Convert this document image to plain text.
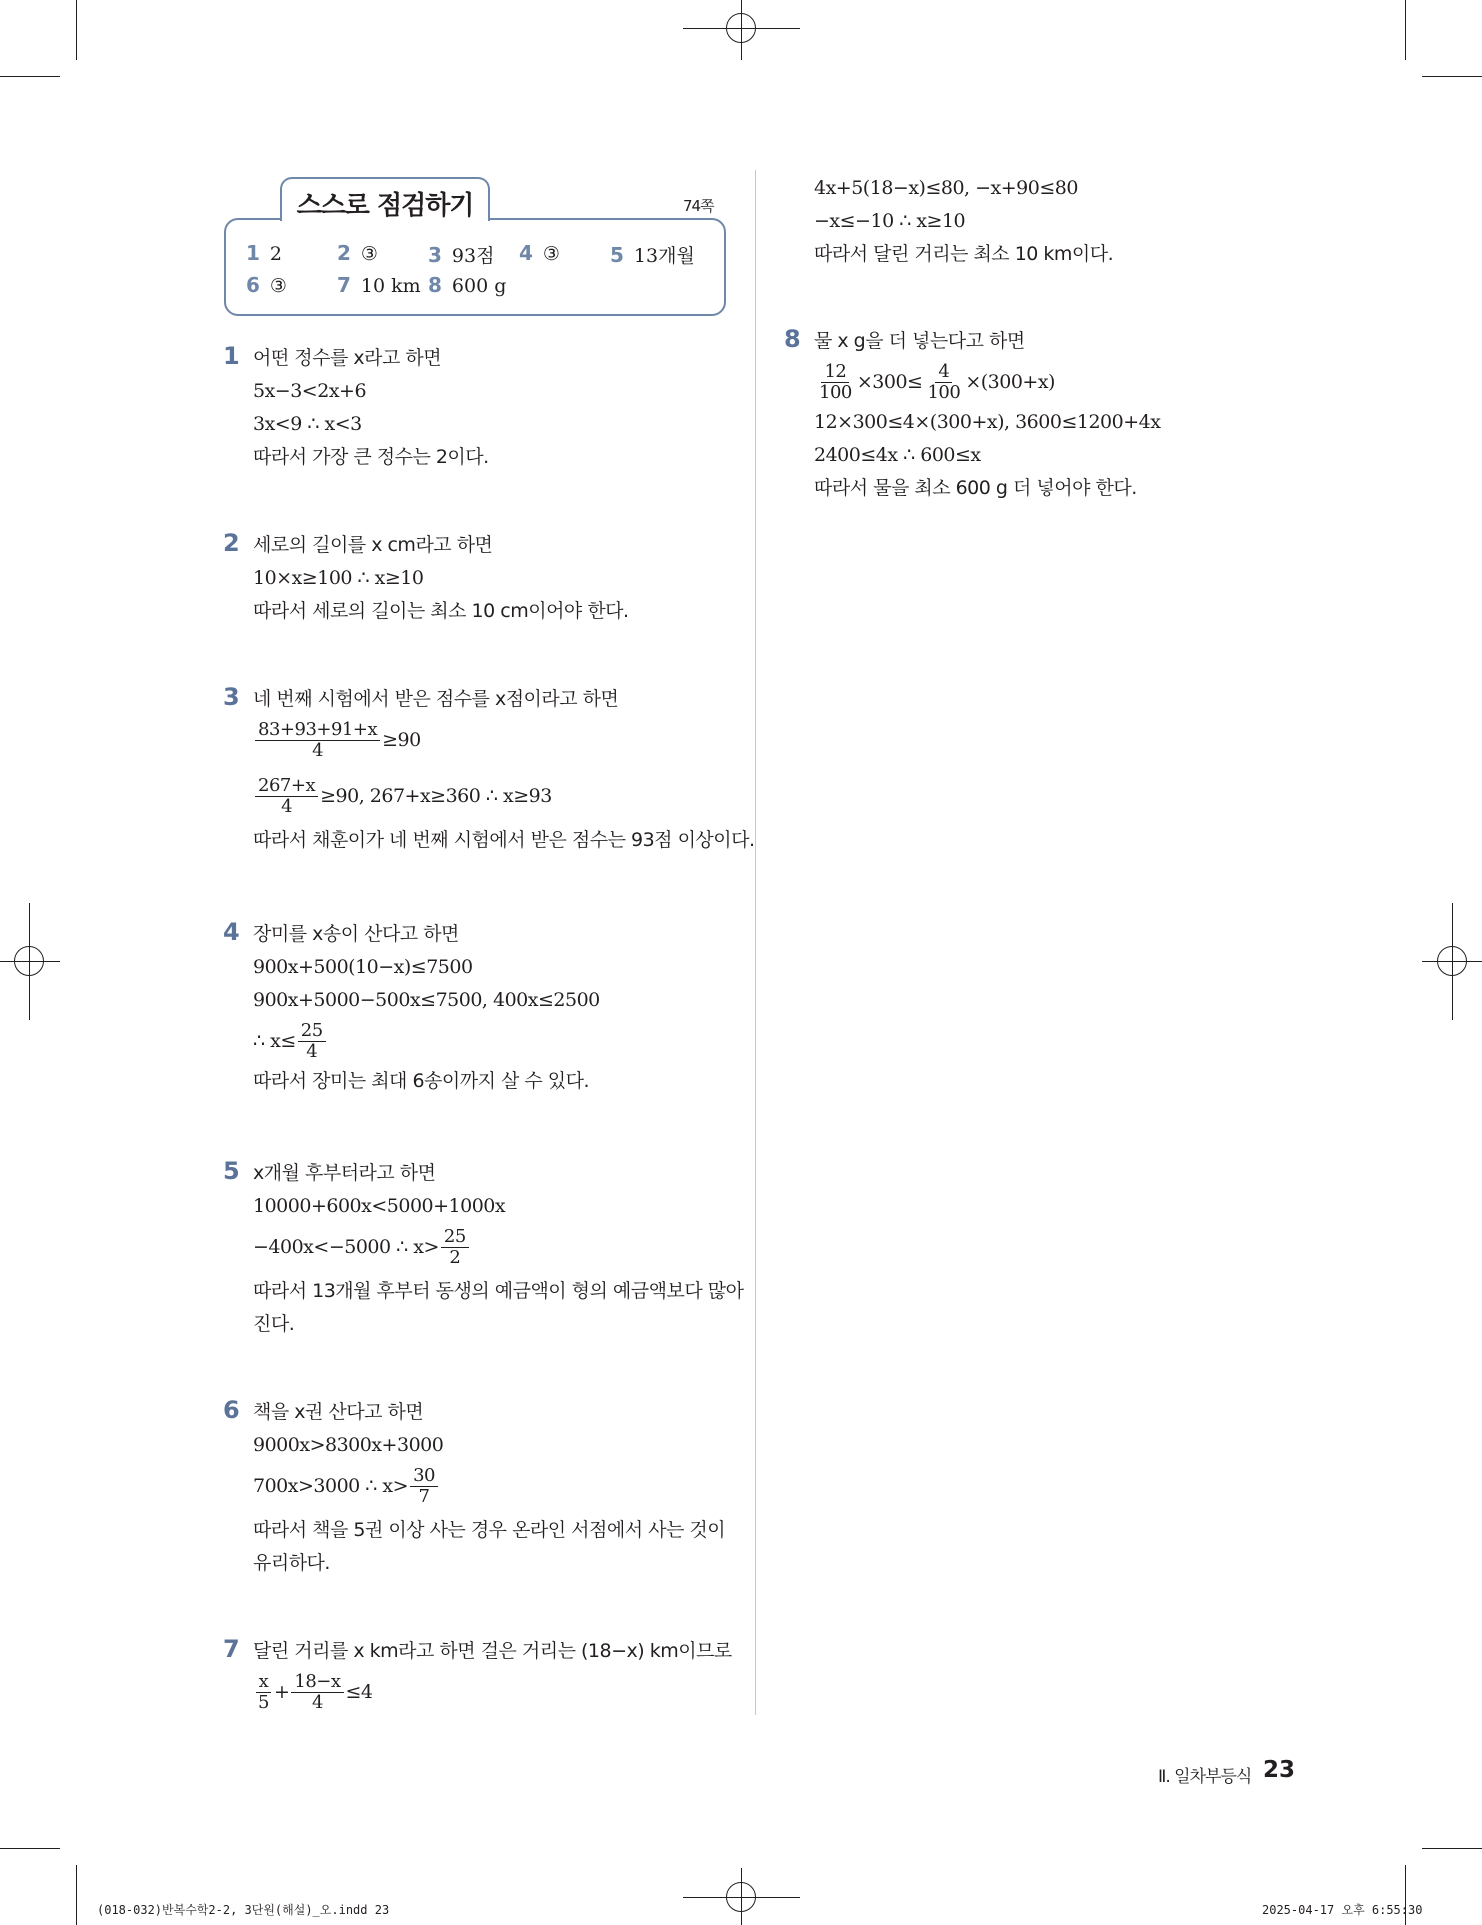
스스로 점검하기	74쪽
1 2	2 ③	3 93점 4 ③	5 13개월
6 ③	7 10 km 8 600 g
1 어떤 정수를 x라고 하면
5x−3<2x+6
3x<9 ∴ x<3
따라서 가장 큰 정수는 2이다.
2 세로의 길이를 x cm라고 하면
10×x≥100 ∴ x≥10
따라서 세로의 길이는 최소 10 cm이어야 한다.
3 네 번째 시험에서 받은 점수를 x점이라고 하면
$\frac{83+93+91+x}{4} \ge 90$
$\frac{267+x}{4} \ge 90$, 267+x≥360 ∴ x≥93
따라서 채훈이가 네 번째 시험에서 받은 점수는 93점 이상이다.
4 장미를 x송이 산다고 하면
900x+500(10−x)≤7500
900x+5000−500x≤7500, 400x≤2500
∴ $x\le \frac{25}{4}$
따라서 장미는 최대 6송이까지 살 수 있다.
5 x개월 후부터라고 하면
10000+600x<5000+1000x
−400x<−5000 ∴ $x> \frac{25}{2}$
따라서 13개월 후부터 동생의 예금액이 형의 예금액보다 많아
진다.
6 책을 x권 산다고 하면
9000x>8300x+3000
700x>3000 ∴ $x> \frac{30}{7}$
따라서 책을 5권 이상 사는 경우 온라인 서점에서 사는 것이
유리하다.
7 달린 거리를 x km라고 하면 걸은 거리는 (18−x) km이므로
$\frac{x}{5} + \frac{18-x}{4} \le 4$
4x+5(18−x)≤80, −x+90≤80
−x≤−10 ∴ x≥10
따라서 달린 거리는 최소 10 km이다.
8 물 x g을 더 넣는다고 하면
$\frac{12}{100} \times 300\le \frac{4}{100} \times(300+x)$
12×300≤4×(300+x), 3600≤1200+4x
2400≤4x ∴ 600≤x
따라서 물을 최소 600 g 더 넣어야 한다.
Ⅱ. 일차부등식 23
(018-032)반복수학2-2, 3단원(해설)_오.indd 23	2025-04-17 오후 6:55:30
